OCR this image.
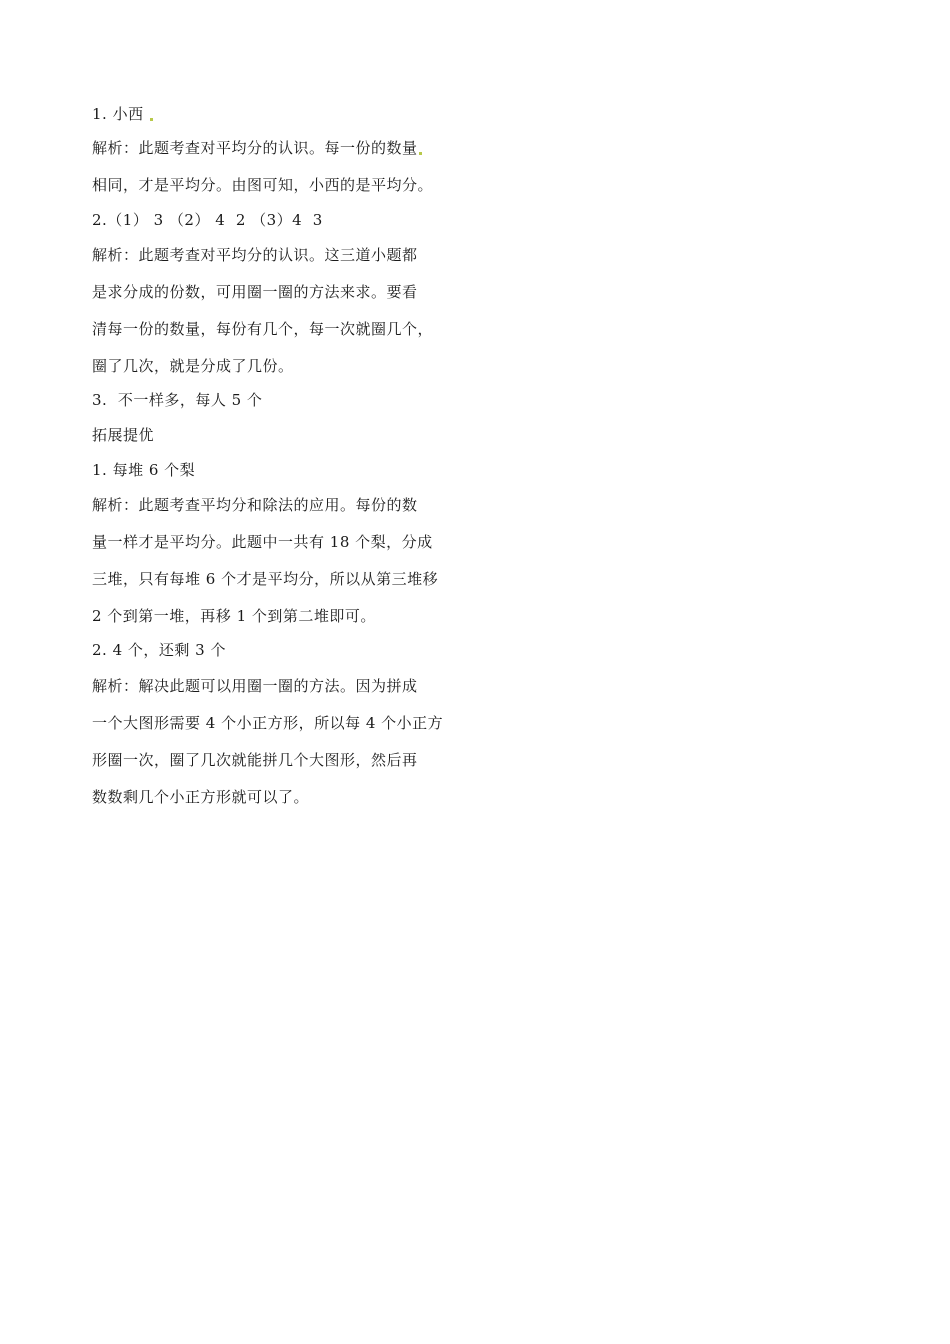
1. 小西
解析：此题考查对平均分的认识。每一份的数量
相同，才是平均分。由图可知，小西的是平均分。
2.（1） 3 （2） 4  2 （3）4  3
解析：此题考查对平均分的认识。这三道小题都
是求分成的份数，可用圈一圈的方法来求。要看
清每一份的数量，每份有几个，每一次就圈几个，
圈了几次，就是分成了几份。
3.  不一样多，每人 5 个
拓展提优
1. 每堆 6 个梨
解析：此题考查平均分和除法的应用。每份的数
量一样才是平均分。此题中一共有 18 个梨，分成
三堆，只有每堆 6 个才是平均分，所以从第三堆移
2 个到第一堆，再移 1 个到第二堆即可。
2. 4 个，还剩 3 个
解析：解决此题可以用圈一圈的方法。因为拼成
一个大图形需要 4 个小正方形，所以每 4 个小正方
形圈一次，圈了几次就能拼几个大图形，然后再
数数剩几个小正方形就可以了。
